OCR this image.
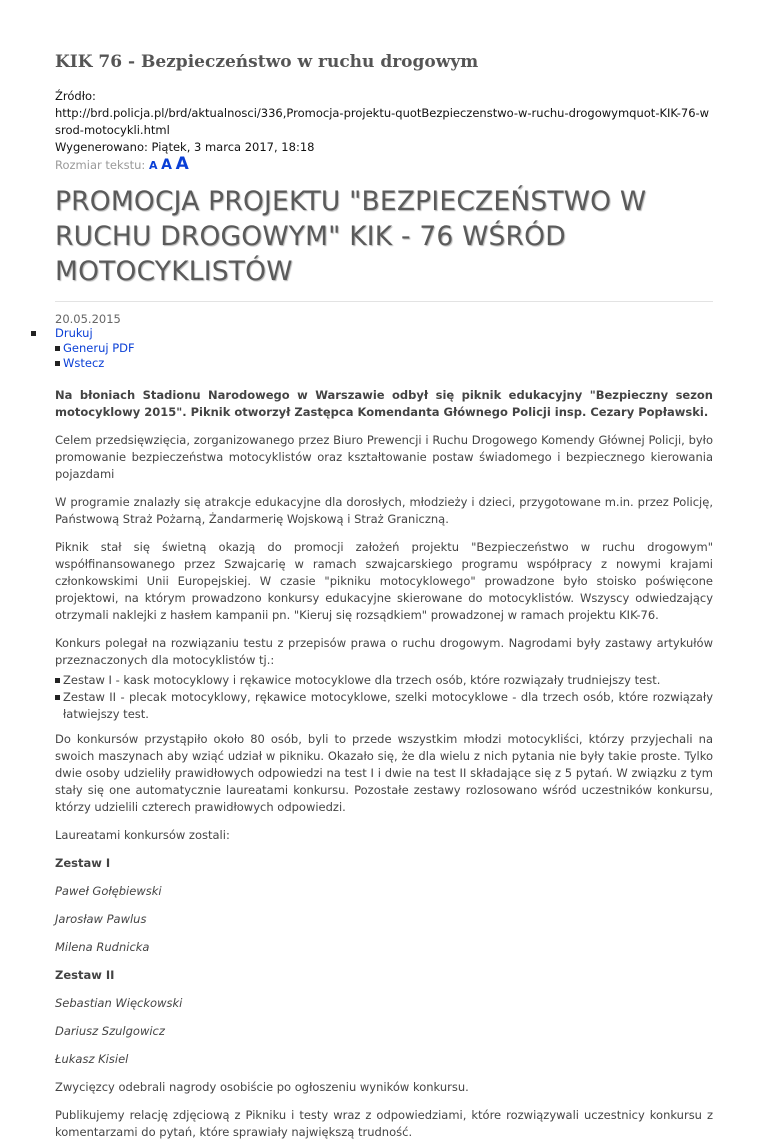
KIK 76 - Bezpieczeństwo w ruchu drogowym
Źródło:
http://brd.policja.pl/brd/aktualnosci/336,Promocja-projektu-quotBezpieczenstwo-w-ruchu-drogowymquot-KIK-76-wsrod-motocykli.html
Wygenerowano: Piątek, 3 marca 2017, 18:18
Rozmiar tekstu: A A A
PROMOCJA PROJEKTU "BEZPIECZEŃSTWO W RUCHU DROGOWYM" KIK - 76 WŚRÓD MOTOCYKLISTÓW
20.05.2015
Drukuj
Generuj PDF
Wstecz

Na błoniach Stadionu Narodowego w Warszawie odbył się piknik edukacyjny "Bezpieczny sezon motocyklowy 2015". Piknik otworzył Zastępca Komendanta Głównego Policji insp. Cezary Popławski.

Celem przedsięwzięcia, zorganizowanego przez Biuro Prewencji i Ruchu Drogowego Komendy Głównej Policji, było promowanie bezpieczeństwa motocyklistów oraz kształtowanie postaw świadomego i bezpiecznego kierowania pojazdami

W programie znalazły się atrakcje edukacyjne dla dorosłych, młodzieży i dzieci, przygotowane m.in. przez Policję, Państwową Straż Pożarną, Żandarmerię Wojskową i Straż Graniczną.

Piknik stał się świetną okazją do promocji założeń projektu "Bezpieczeństwo w ruchu drogowym" współfinansowanego przez Szwajcarię w ramach szwajcarskiego programu współpracy z nowymi krajami członkowskimi Unii Europejskiej. W czasie "pikniku motocyklowego" prowadzone było stoisko poświęcone projektowi, na którym prowadzono konkursy edukacyjne skierowane do motocyklistów. Wszyscy odwiedzający otrzymali naklejki z hasłem kampanii pn. "Kieruj się rozsądkiem" prowadzonej w ramach projektu KIK-76.

Konkurs polegał na rozwiązaniu testu z przepisów prawa o ruchu drogowym. Nagrodami były zastawy artykułów przeznaczonych dla motocyklistów tj.:

Zestaw I - kask motocyklowy i rękawice motocyklowe dla trzech osób, które rozwiązały trudniejszy test.
Zestaw II - plecak motocyklowy, rękawice motocyklowe, szelki motocyklowe - dla trzech osób, które rozwiązały łatwiejszy test.

Do konkursów przystąpiło około 80 osób, byli to przede wszystkim młodzi motocykliści, którzy przyjechali na swoich maszynach aby wziąć udział w pikniku. Okazało się, że dla wielu z nich pytania nie były takie proste. Tylko dwie osoby udzieliły prawidłowych odpowiedzi na test I i dwie na test II składające się z 5 pytań. W związku z tym stały się one automatycznie laureatami konkursu. Pozostałe zestawy rozlosowano wśród uczestników konkursu, którzy udzielili czterech prawidłowych odpowiedzi.

Laureatami konkursów zostali:

Zestaw I

Paweł Gołębiewski

Jarosław Pawlus

Milena Rudnicka

Zestaw II

Sebastian Więckowski

Dariusz Szulgowicz

Łukasz Kisiel

Zwycięzcy odebrali nagrody osobiście po ogłoszeniu wyników konkursu.

Publikujemy relację zdjęciową z Pikniku i testy wraz z odpowiedziami, które rozwiązywali uczestnicy konkursu z komentarzami do pytań, które sprawiały największą trudność.
